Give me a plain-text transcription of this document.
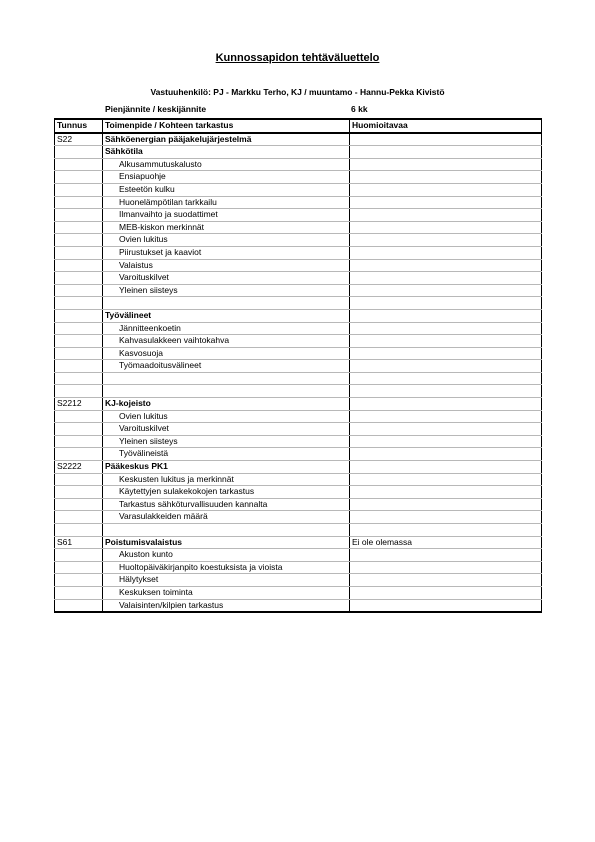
Kunnossapidon tehtäväluettelo
Vastuuhenkilö: PJ - Markku Terho, KJ / muuntamo - Hannu-Pekka Kivistö
Pienjännite / keskijännite	6 kk
Tunnus	Toimenpide / Kohteen tarkastus	Huomioitavaa
S22	Sähköenergian pääjakelujärjestelmä	
	Sähkötila	
	Alkusammutuskalusto	
	Ensiapuohje	
	Esteetön kulku	
	Huonelämpötilan tarkkailu	
	Ilmanvaihto ja suodattimet	
	MEB-kiskon merkinnät	
	Ovien lukitus	
	Piirustukset ja kaaviot	
	Valaistus	
	Varoituskilvet	
	Yleinen siisteys	

	Työvälineet	
	Jännitteenkoetin	
	Kahvasulakkeen vaihtokahva	
	Kasvosuoja	
	Työmaadoitusvälineet	

S2212	KJ-kojeisto	
	Ovien lukitus	
	Varoituskilvet	
	Yleinen siisteys	
	Työvälineistä	
S2222	Pääkeskus PK1	
	Keskusten lukitus ja merkinnät	
	Käytettyjen sulakekokojen tarkastus	
	Tarkastus sähköturvallisuuden kannalta	
	Varasulakkeiden määrä	

S61	Poistumisvalaistus	Ei ole olemassa
	Akuston kunto	
	Huoltopäiväkirjanpito koestuksista ja vioista	
	Hälytykset	
	Keskuksen toiminta	
	Valaisinten/kilpien tarkastus	
